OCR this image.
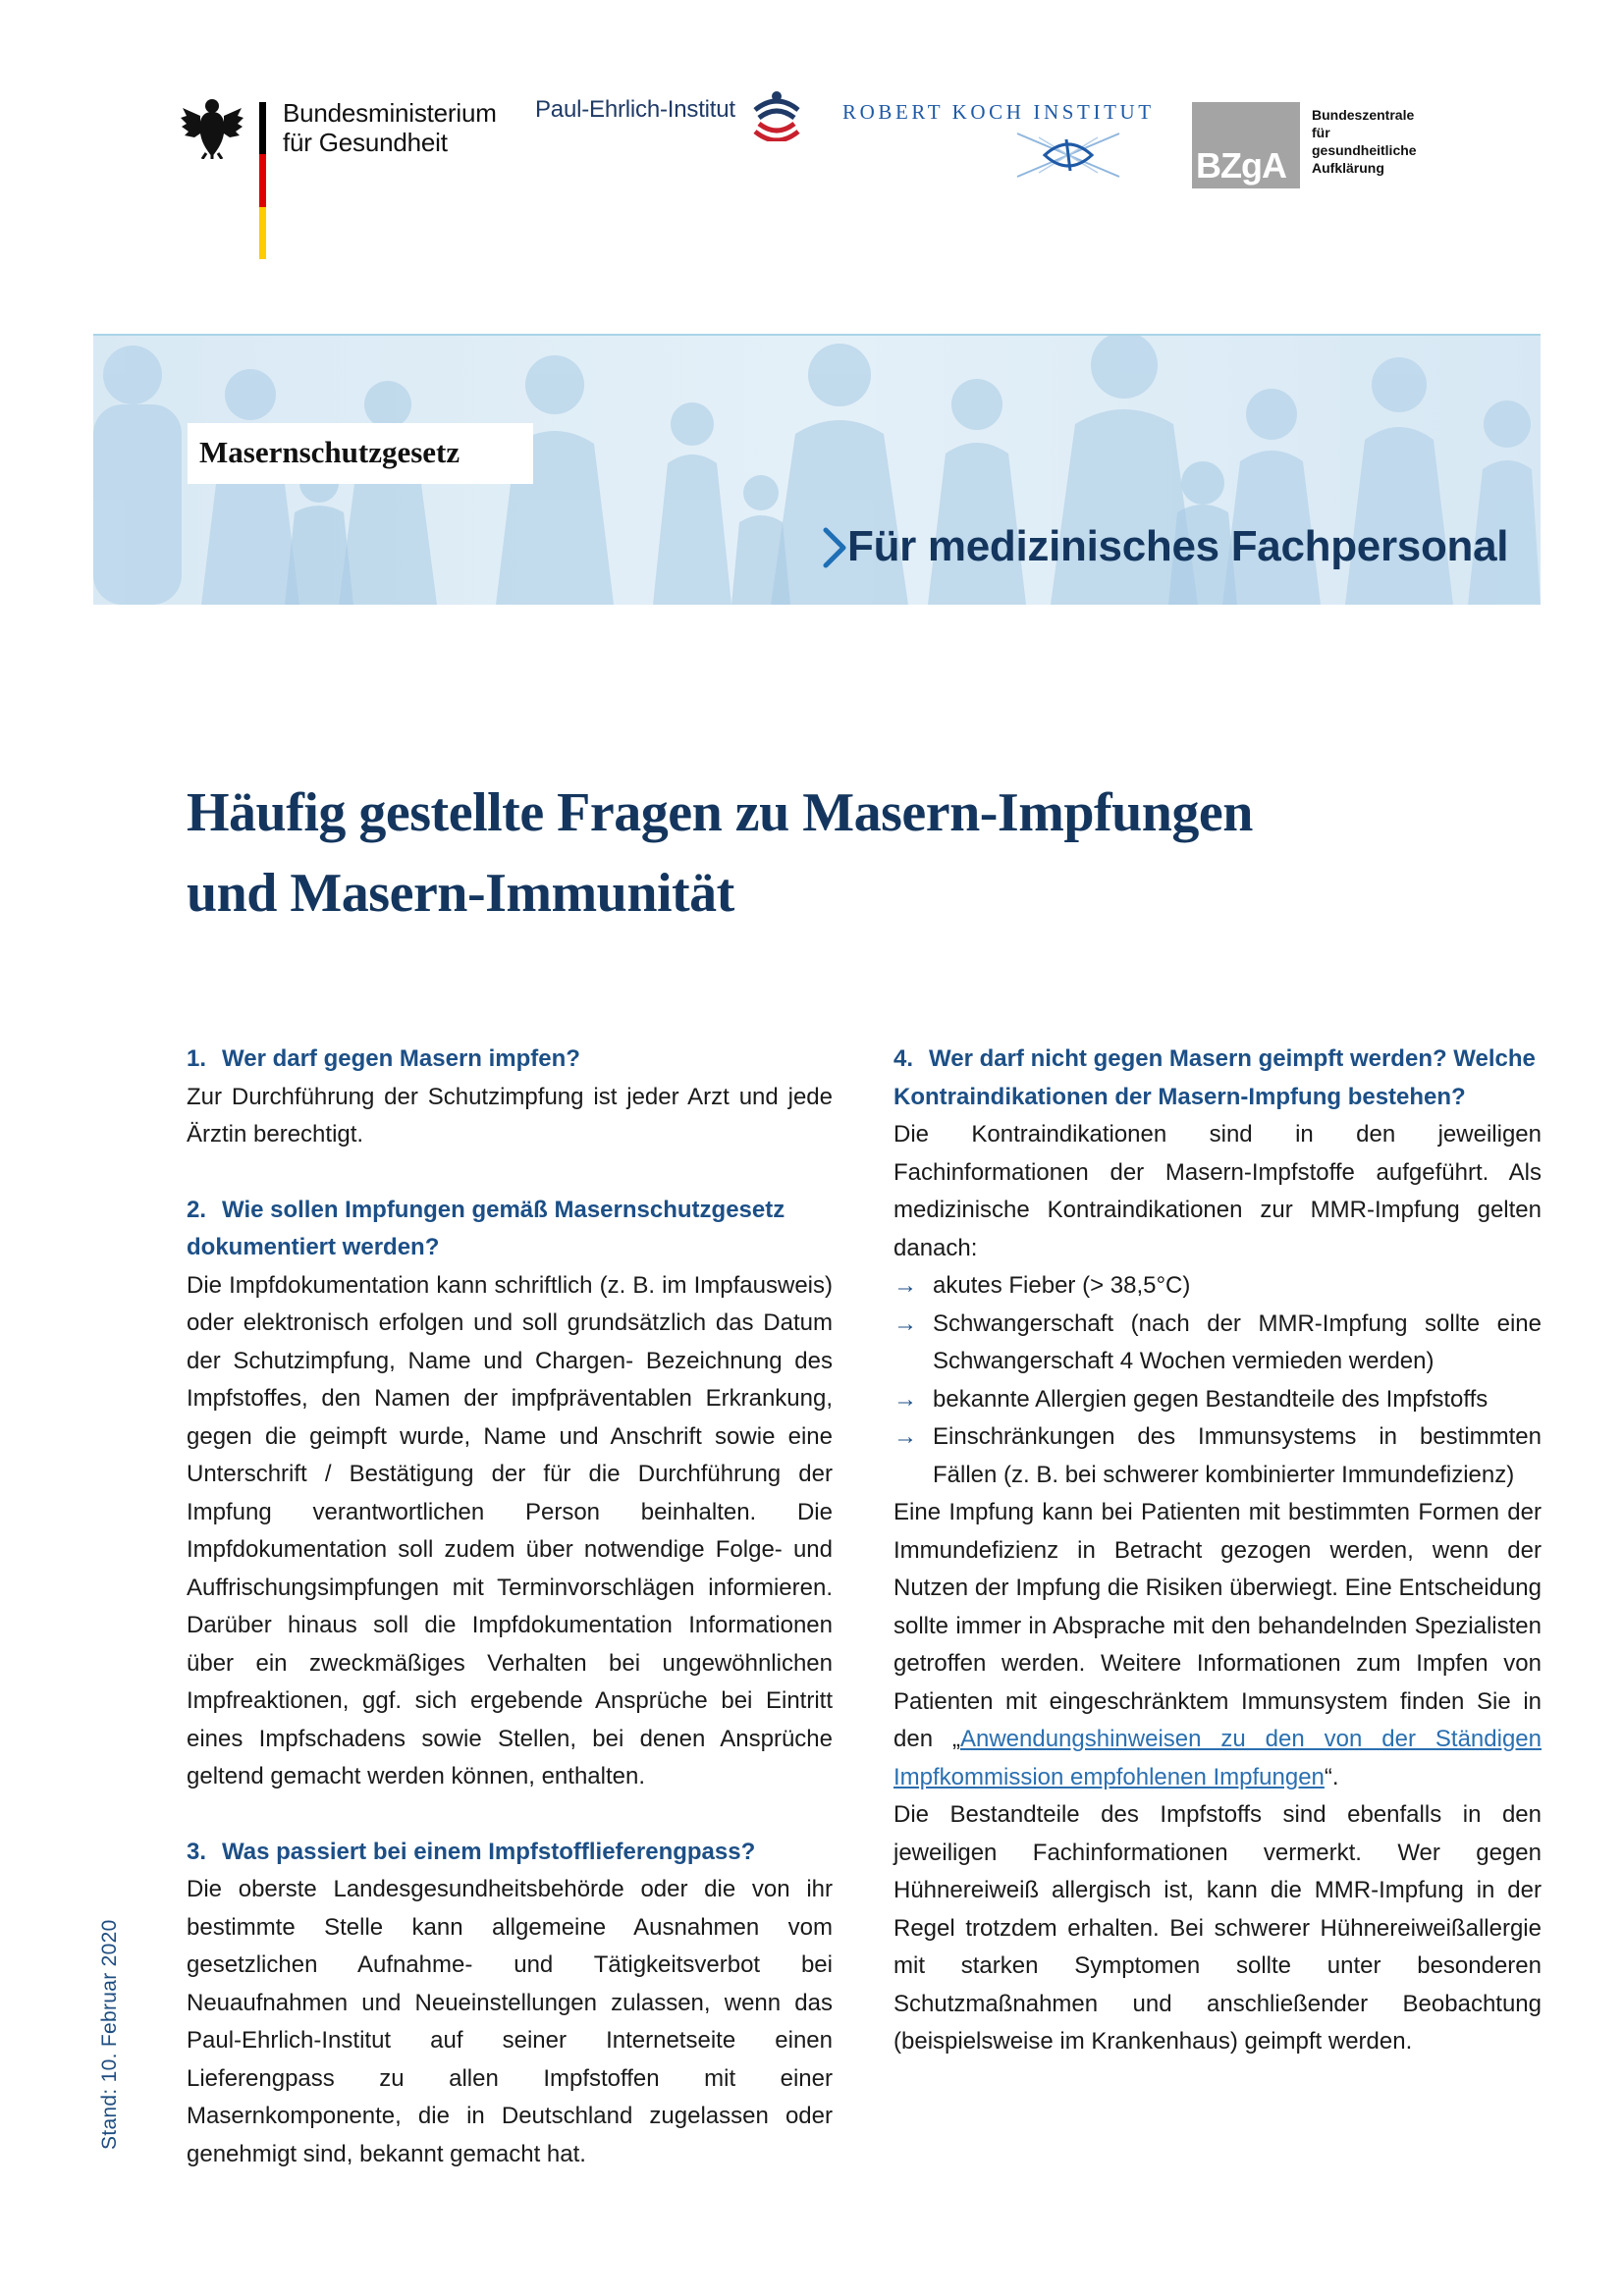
Bundesministerium
für Gesundheit
Paul-Ehrlich-Institut	ROBERT KOCH INSTITUT
BZgA
Bundeszentrale
für
gesundheitliche
Aufklärung
Masernschutzgesetz
Für medizinisches Fachpersonal
Häufig gestellte Fragen zu Masern-Impfungen
und Masern-Immunität

1. Wer darf gegen Masern impfen?

Zur Durchführung der Schutzimpfung ist jeder Arzt und jede Ärztin berechtigt.

2. Wie sollen Impfungen gemäß Masernschutzgesetz dokumentiert werden?

Die Impfdokumentation kann schriftlich (z. B. im Impfausweis) oder elektronisch erfolgen und soll grundsätzlich das Datum der Schutzimpfung, Name und Chargen- Bezeichnung des Impfstoffes, den Namen der impfpräventablen Erkrankung, gegen die geimpft wurde, Name und Anschrift sowie eine Unterschrift / Bestätigung der für die Durchführung der Impfung verantwortlichen Person beinhalten. Die Impfdokumentation soll zudem über notwendige Folge- und Auffrischungsimpfungen mit Terminvorschlägen informieren. Darüber hinaus soll die Impfdokumentation Informationen über ein zweckmäßiges Verhalten bei ungewöhnlichen Impfreaktionen, ggf. sich ergebende Ansprüche bei Eintritt eines Impfschadens sowie Stellen, bei denen Ansprüche geltend gemacht werden können, enthalten.

3. Was passiert bei einem Impfstofflieferengpass?

Die oberste Landesgesundheitsbehörde oder die von ihr bestimmte Stelle kann allgemeine Ausnahmen vom gesetzlichen Aufnahme- und Tätigkeitsverbot bei Neuaufnahmen und Neueinstellungen zulassen, wenn das Paul-Ehrlich-Institut auf seiner Internetseite einen Lieferengpass zu allen Impfstoffen mit einer Masernkomponente, die in Deutschland zugelassen oder genehmigt sind, bekannt gemacht hat.

4. Wer darf nicht gegen Masern geimpft werden? Welche Kontraindikationen der Masern-Impfung bestehen?

Die Kontraindikationen sind in den jeweiligen Fachinformationen der Masern-Impfstoffe aufgeführt. Als medizinische Kontraindikationen zur MMR-Impfung gelten danach:

→ akutes Fieber (> 38,5°C)
→ Schwangerschaft (nach der MMR-Impfung sollte eine Schwangerschaft 4 Wochen vermieden werden)
→ bekannte Allergien gegen Bestandteile des Impfstoffs
→ Einschränkungen des Immunsystems in bestimmten Fällen (z. B. bei schwerer kombinierter Immundefizienz)

Eine Impfung kann bei Patienten mit bestimmten Formen der Immundefizienz in Betracht gezogen werden, wenn der Nutzen der Impfung die Risiken überwiegt. Eine Entscheidung sollte immer in Absprache mit den behandelnden Spezialisten getroffen werden. Weitere Informationen zum Impfen von Patienten mit eingeschränktem Immunsystem finden Sie in den „Anwendungshinweisen zu den von der Ständigen Impfkommission empfohlenen Impfungen“.

Die Bestandteile des Impfstoffs sind ebenfalls in den jeweiligen Fachinformationen vermerkt. Wer gegen Hühnereiweiß allergisch ist, kann die MMR-Impfung in der Regel trotzdem erhalten. Bei schwerer Hühnereiweißallergie mit starken Symptomen sollte unter besonderen Schutzmaßnahmen und anschließender Beobachtung (beispielsweise im Krankenhaus) geimpft werden.

Stand: 10. Februar 2020
